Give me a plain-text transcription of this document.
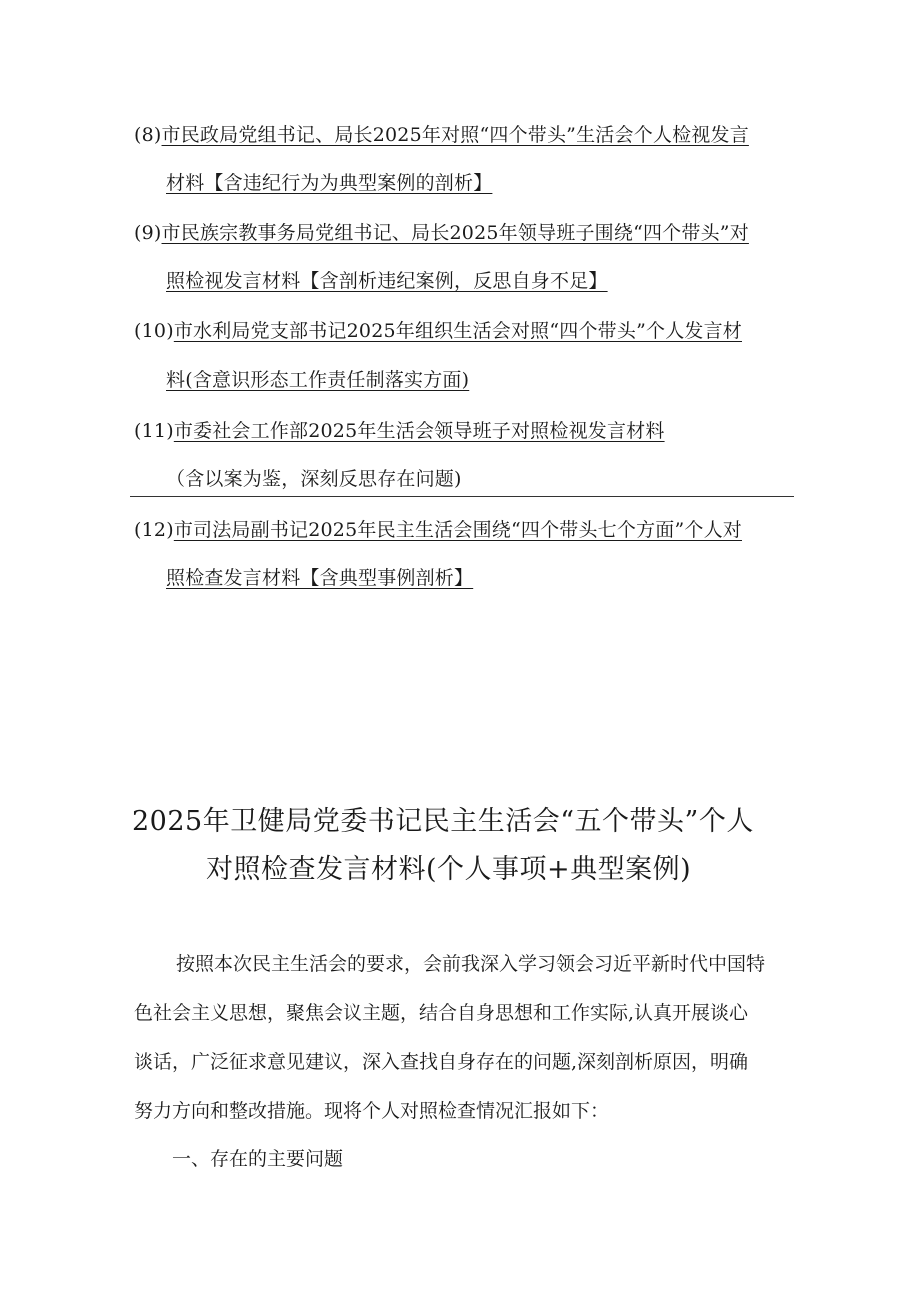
(8)市民政局党组书记、局长2025年对照“四个带头”生活会个人检视发言
材料【含违纪行为为典型案例的剖析】
(9)市民族宗教事务局党组书记、局长2025年领导班子围绕“四个带头”对
照检视发言材料【含剖析违纪案例，反思自身不足】
(10)市水利局党支部书记2025年组织生活会对照“四个带头”个人发言材
料(含意识形态工作责任制落实方面)
(11)市委社会工作部2025年生活会领导班子对照检视发言材料
（含以案为鉴，深刻反思存在问题)
(12)市司法局副书记2025年民主生活会围绕“四个带头七个方面”个人对
照检查发言材料【含典型事例剖析】
2025年卫健局党委书记民主生活会“五个带头”个人
对照检查发言材料(个人事项+典型案例)
按照本次民主生活会的要求，会前我深入学习领会习近平新时代中国特
色社会主义思想，聚焦会议主题，结合自身思想和工作实际,认真开展谈心
谈话，广泛征求意见建议，深入查找自身存在的问题,深刻剖析原因，明确
努力方向和整改措施。现将个人对照检查情况汇报如下：
一、存在的主要问题
